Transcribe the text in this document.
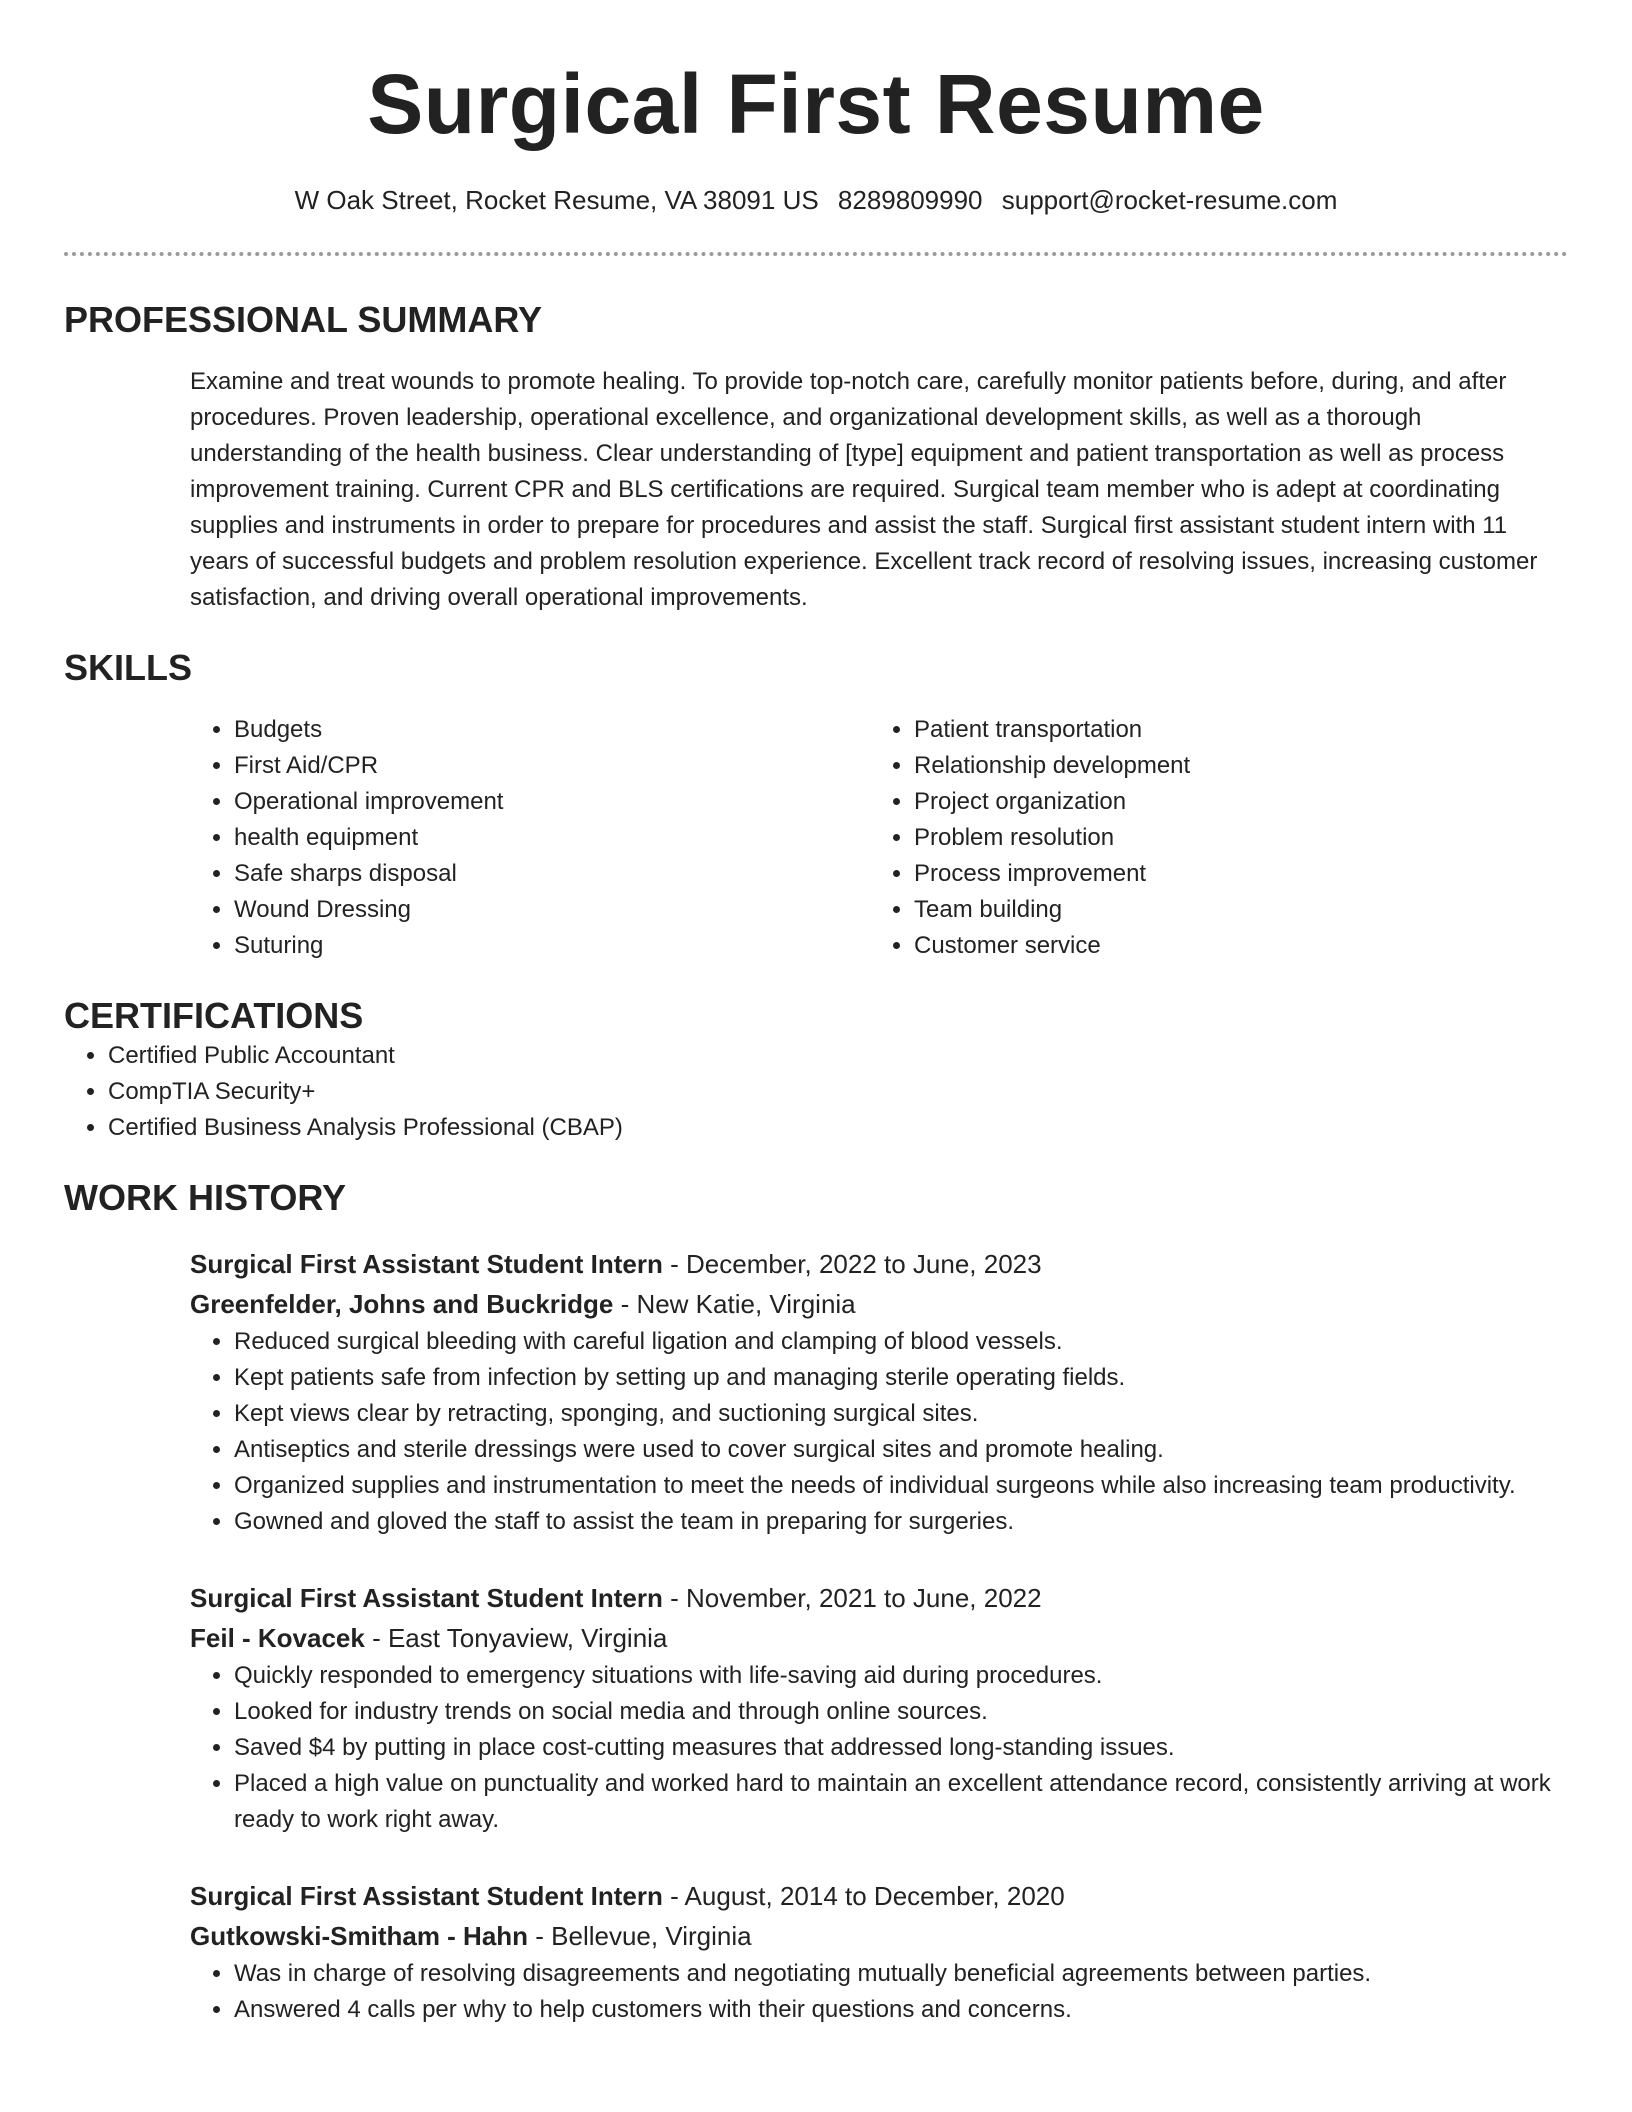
Surgical First Resume
W Oak Street, Rocket Resume, VA 38091 US 8289809990 support@rocket-resume.com
PROFESSIONAL SUMMARY
Examine and treat wounds to promote healing. To provide top-notch care, carefully monitor patients before, during, and after procedures. Proven leadership, operational excellence, and organizational development skills, as well as a thorough understanding of the health business. Clear understanding of [type] equipment and patient transportation as well as process improvement training. Current CPR and BLS certifications are required. Surgical team member who is adept at coordinating supplies and instruments in order to prepare for procedures and assist the staff. Surgical first assistant student intern with 11 years of successful budgets and problem resolution experience. Excellent track record of resolving issues, increasing customer satisfaction, and driving overall operational improvements.
SKILLS
• Budgets
• First Aid/CPR
• Operational improvement
• health equipment
• Safe sharps disposal
• Wound Dressing
• Suturing
• Patient transportation
• Relationship development
• Project organization
• Problem resolution
• Process improvement
• Team building
• Customer service
CERTIFICATIONS
• Certified Public Accountant
• CompTIA Security+
• Certified Business Analysis Professional (CBAP)
WORK HISTORY
Surgical First Assistant Student Intern - December, 2022 to June, 2023
Greenfelder, Johns and Buckridge - New Katie, Virginia
• Reduced surgical bleeding with careful ligation and clamping of blood vessels.
• Kept patients safe from infection by setting up and managing sterile operating fields.
• Kept views clear by retracting, sponging, and suctioning surgical sites.
• Antiseptics and sterile dressings were used to cover surgical sites and promote healing.
• Organized supplies and instrumentation to meet the needs of individual surgeons while also increasing team productivity.
• Gowned and gloved the staff to assist the team in preparing for surgeries.
Surgical First Assistant Student Intern - November, 2021 to June, 2022
Feil - Kovacek - East Tonyaview, Virginia
• Quickly responded to emergency situations with life-saving aid during procedures.
• Looked for industry trends on social media and through online sources.
• Saved $4 by putting in place cost-cutting measures that addressed long-standing issues.
• Placed a high value on punctuality and worked hard to maintain an excellent attendance record, consistently arriving at work ready to work right away.
Surgical First Assistant Student Intern - August, 2014 to December, 2020
Gutkowski-Smitham - Hahn - Bellevue, Virginia
• Was in charge of resolving disagreements and negotiating mutually beneficial agreements between parties.
• Answered 4 calls per why to help customers with their questions and concerns.
